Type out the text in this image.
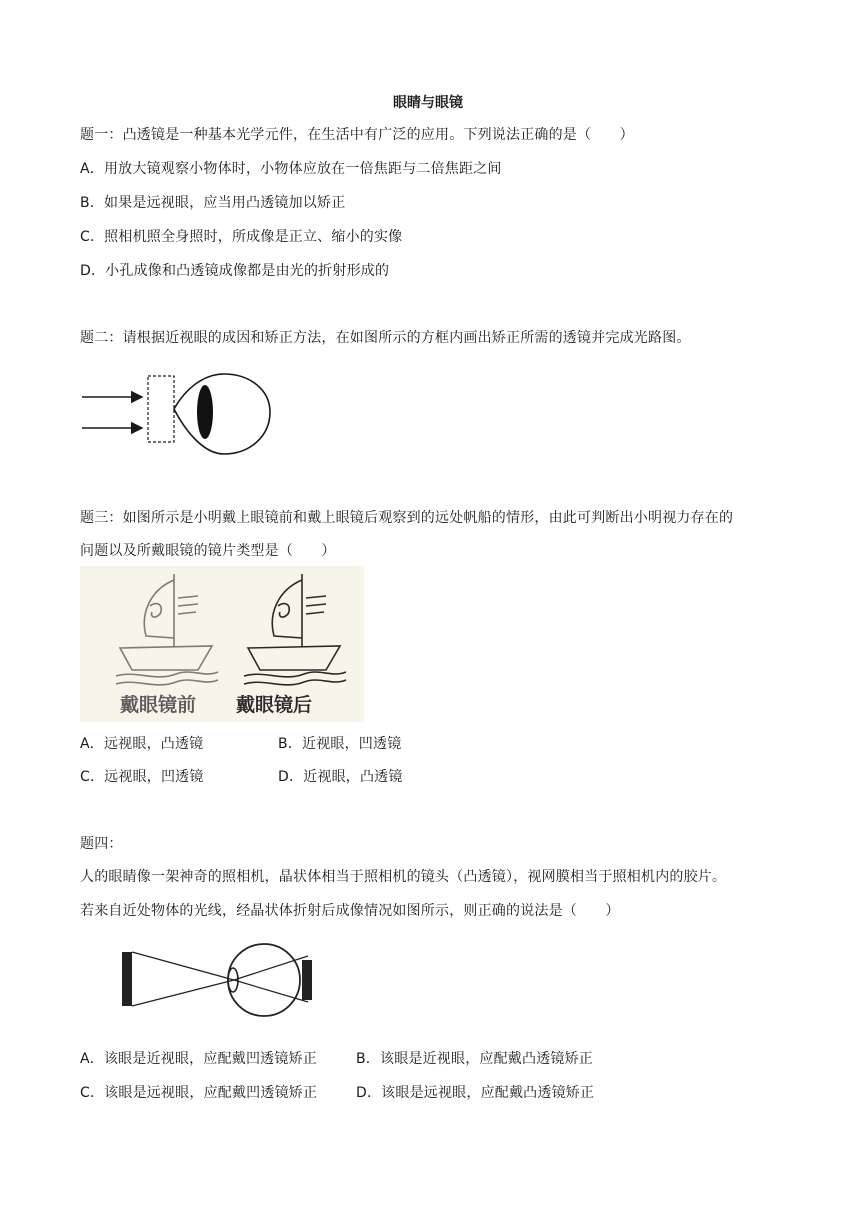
眼睛与眼镜
题一：凸透镜是一种基本光学元件，在生活中有广泛的应用。下列说法正确的是（　　）
A．用放大镜观察小物体时，小物体应放在一倍焦距与二倍焦距之间
B．如果是远视眼，应当用凸透镜加以矫正
C．照相机照全身照时，所成像是正立、缩小的实像
D．小孔成像和凸透镜成像都是由光的折射形成的
题二：请根据近视眼的成因和矫正方法，在如图所示的方框内画出矫正所需的透镜并完成光路图。
题三：如图所示是小明戴上眼镜前和戴上眼镜后观察到的远处帆船的情形，由此可判断出小明视力存在的
问题以及所戴眼镜的镜片类型是（　　）
戴眼镜前 戴眼镜后
A．远视眼，凸透镜	B．近视眼，凹透镜
C．远视眼，凹透镜	D．近视眼，凸透镜
题四：
人的眼睛像一架神奇的照相机，晶状体相当于照相机的镜头（凸透镜），视网膜相当于照相机内的胶片。
若来自近处物体的光线，经晶状体折射后成像情况如图所示，则正确的说法是（　　）
A．该眼是近视眼，应配戴凹透镜矫正	B．该眼是近视眼，应配戴凸透镜矫正
C．该眼是远视眼，应配戴凹透镜矫正	D．该眼是远视眼，应配戴凸透镜矫正
